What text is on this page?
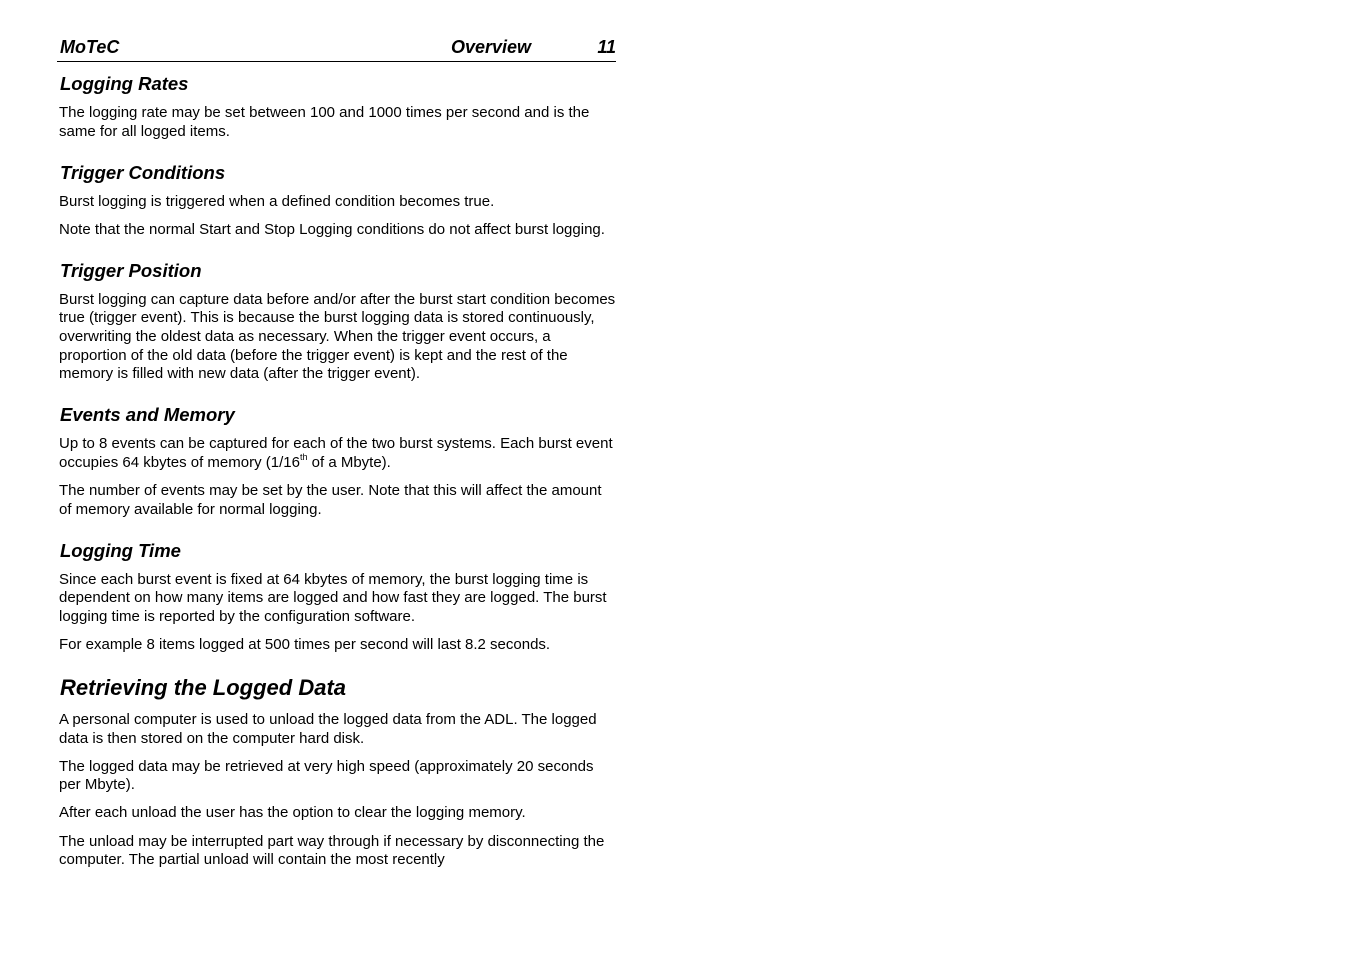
MoTeC	Overview	11
Logging Rates

The logging rate may be set between 100 and 1000 times per second and is the same for all logged items.

Trigger Conditions

Burst logging is triggered when a defined condition becomes true.

Note that the normal Start and Stop Logging conditions do not affect burst logging.

Trigger Position

Burst logging can capture data before and/or after the burst start condition becomes true (trigger event). This is because the burst logging data is stored continuously, overwriting the oldest data as necessary. When the trigger event occurs, a proportion of the old data (before the trigger event) is kept and the rest of the memory is filled with new data (after the trigger event).

Events and Memory

Up to 8 events can be captured for each of the two burst systems. Each burst event occupies 64 kbytes of memory (1/16th of a Mbyte).

The number of events may be set by the user. Note that this will affect the amount of memory available for normal logging.

Logging Time

Since each burst event is fixed at 64 kbytes of memory, the burst logging time is dependent on how many items are logged and how fast they are logged. The burst logging time is reported by the configuration software.

For example 8 items logged at 500 times per second will last 8.2 seconds.

Retrieving the Logged Data

A personal computer is used to unload the logged data from the ADL. The logged data is then stored on the computer hard disk.

The logged data may be retrieved at very high speed (approximately 20 seconds per Mbyte).

After each unload the user has the option to clear the logging memory.

The unload may be interrupted part way through if necessary by disconnecting the computer. The partial unload will contain the most recently
